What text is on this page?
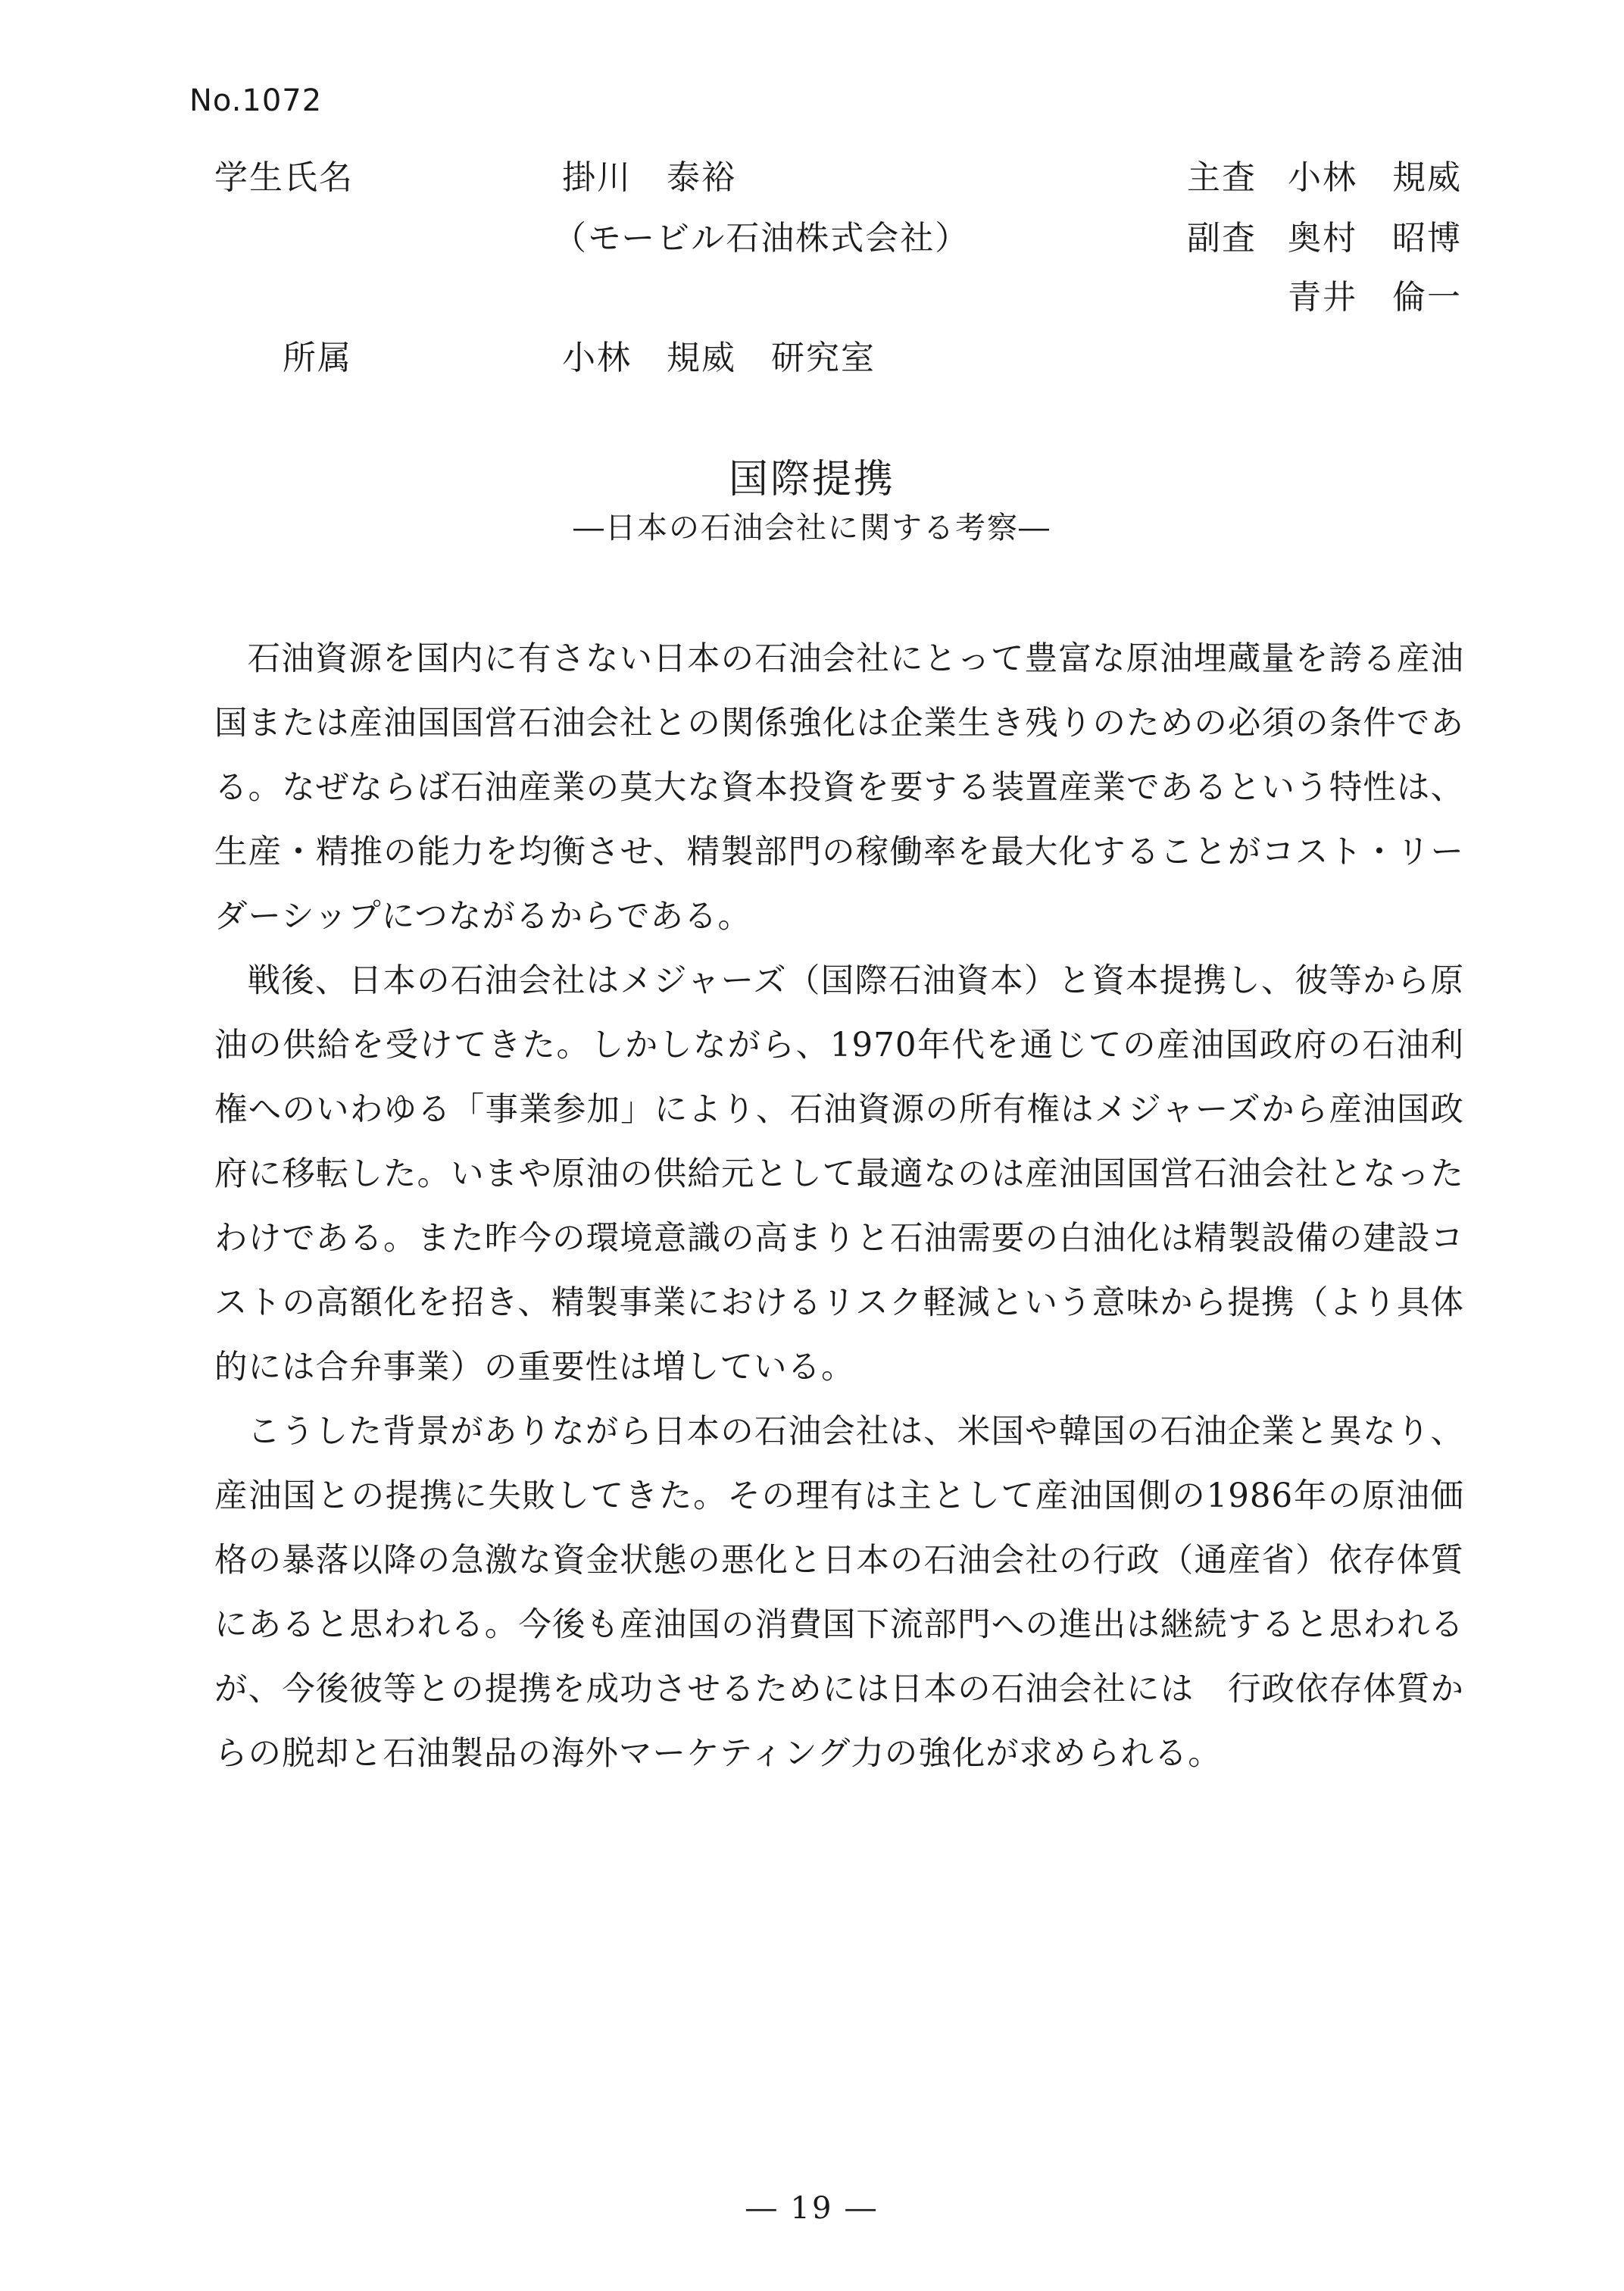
No.1072
学生氏名	掛川　泰裕
（モービル石油株式会社）
主査 小林　規威
副査 奥村　昭博
青井　倫一
所属	小林　規威　研究室
国際提携
―日本の石油会社に関する考察―

石油資源を国内に有さない日本の石油会社にとって豊富な原油埋蔵量を誇る産油国または産油国国営石油会社との関係強化は企業生き残りのための必須の条件である。なぜならば石油産業の莫大な資本投資を要する装置産業であるという特性は、生産・精推の能力を均衡させ、精製部門の稼働率を最大化することがコスト・リーダーシップにつながるからである。

戦後、日本の石油会社はメジャーズ（国際石油資本）と資本提携し、彼等から原油の供給を受けてきた。しかしながら、1970年代を通じての産油国政府の石油利権へのいわゆる「事業参加」により、石油資源の所有権はメジャーズから産油国政府に移転した。いまや原油の供給元として最適なのは産油国国営石油会社となったわけである。また昨今の環境意識の高まりと石油需要の白油化は精製設備の建設コストの高額化を招き、精製事業におけるリスク軽減という意味から提携（より具体的には合弁事業）の重要性は増している。

こうした背景がありながら日本の石油会社は、米国や韓国の石油企業と異なり、産油国との提携に失敗してきた。その理有は主として産油国側の1986年の原油価格の暴落以降の急激な資金状態の悪化と日本の石油会社の行政（通産省）依存体質にあると思われる。今後も産油国の消費国下流部門への進出は継続すると思われるが、今後彼等との提携を成功させるためには日本の石油会社には　行政依存体質からの脱却と石油製品の海外マーケティング力の強化が求められる。

― 19 ―
